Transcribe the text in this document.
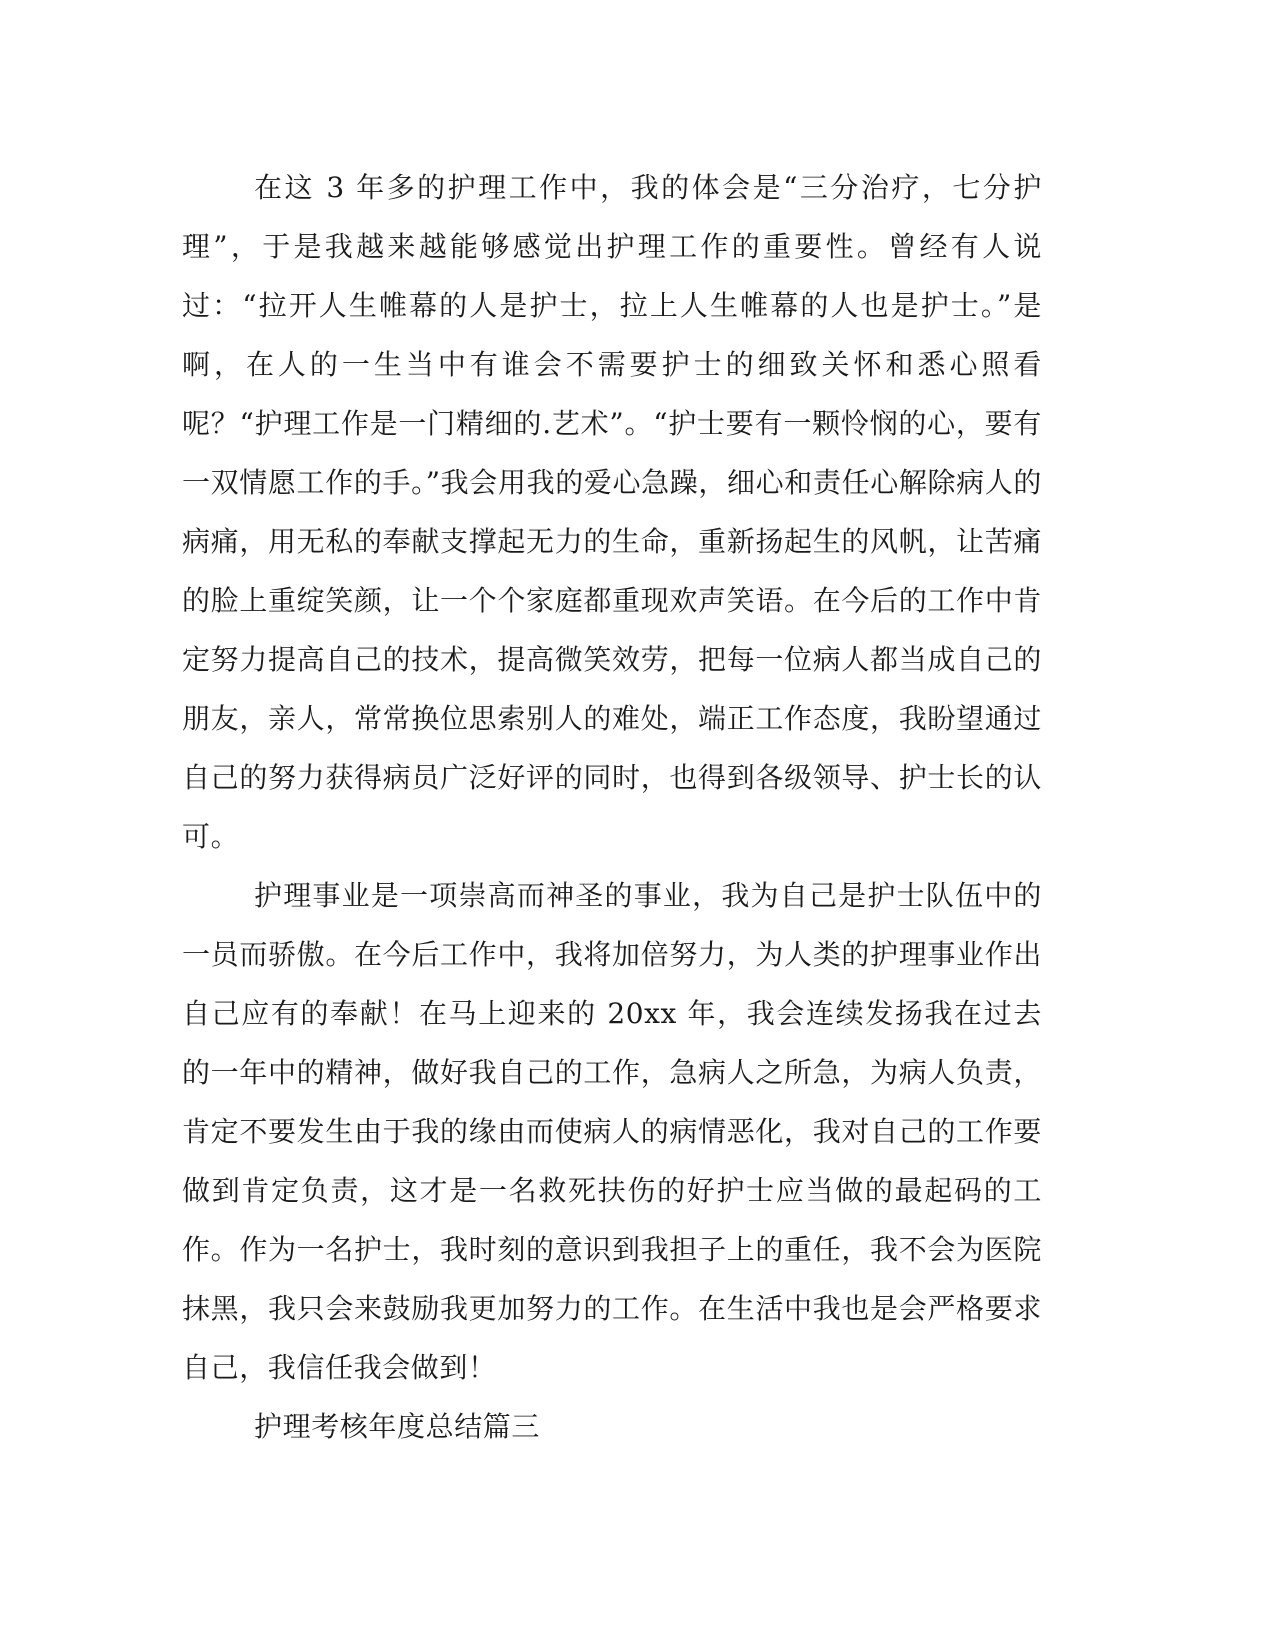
在这 3 年多的护理工作中，我的体会是“三分治疗，七分护理”，于是我越来越能够感觉出护理工作的重要性。曾经有人说过：“拉开人生帷幕的人是护士，拉上人生帷幕的人也是护士。”是啊，在人的一生当中有谁会不需要护士的细致关怀和悉心照看呢？“护理工作是一门精细的.艺术”。“护士要有一颗怜悯的心，要有一双情愿工作的手。”我会用我的爱心急躁，细心和责任心解除病人的病痛，用无私的奉献支撑起无力的生命，重新扬起生的风帆，让苦痛的脸上重绽笑颜，让一个个家庭都重现欢声笑语。在今后的工作中肯定努力提高自己的技术，提高微笑效劳，把每一位病人都当成自己的朋友，亲人，常常换位思索别人的难处，端正工作态度，我盼望通过自己的努力获得病员广泛好评的同时，也得到各级领导、护士长的认可。

护理事业是一项崇高而神圣的事业，我为自己是护士队伍中的一员而骄傲。在今后工作中，我将加倍努力，为人类的护理事业作出自己应有的奉献！在马上迎来的 20xx 年，我会连续发扬我在过去的一年中的精神，做好我自己的工作，急病人之所急，为病人负责，肯定不要发生由于我的缘由而使病人的病情恶化，我对自己的工作要做到肯定负责，这才是一名救死扶伤的好护士应当做的最起码的工作。作为一名护士，我时刻的意识到我担子上的重任，我不会为医院抹黑，我只会来鼓励我更加努力的工作。在生活中我也是会严格要求自己，我信任我会做到！

护理考核年度总结篇三
